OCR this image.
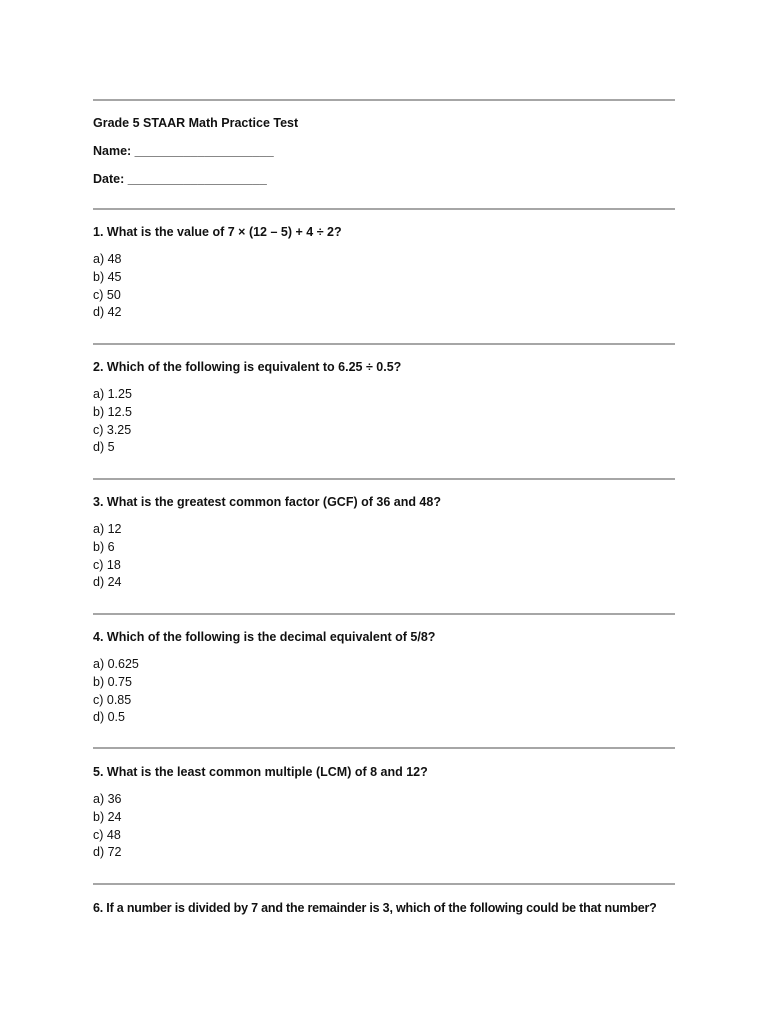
Grade 5 STAAR Math Practice Test
Name: ____________________
Date: ____________________
1. What is the value of 7 × (12 – 5) + 4 ÷ 2?
a) 48
b) 45
c) 50
d) 42
2. Which of the following is equivalent to 6.25 ÷ 0.5?
a) 1.25
b) 12.5
c) 3.25
d) 5
3. What is the greatest common factor (GCF) of 36 and 48?
a) 12
b) 6
c) 18
d) 24
4. Which of the following is the decimal equivalent of 5/8?
a) 0.625
b) 0.75
c) 0.85
d) 0.5
5. What is the least common multiple (LCM) of 8 and 12?
a) 36
b) 24
c) 48
d) 72
6. If a number is divided by 7 and the remainder is 3, which of the following could be that number?
